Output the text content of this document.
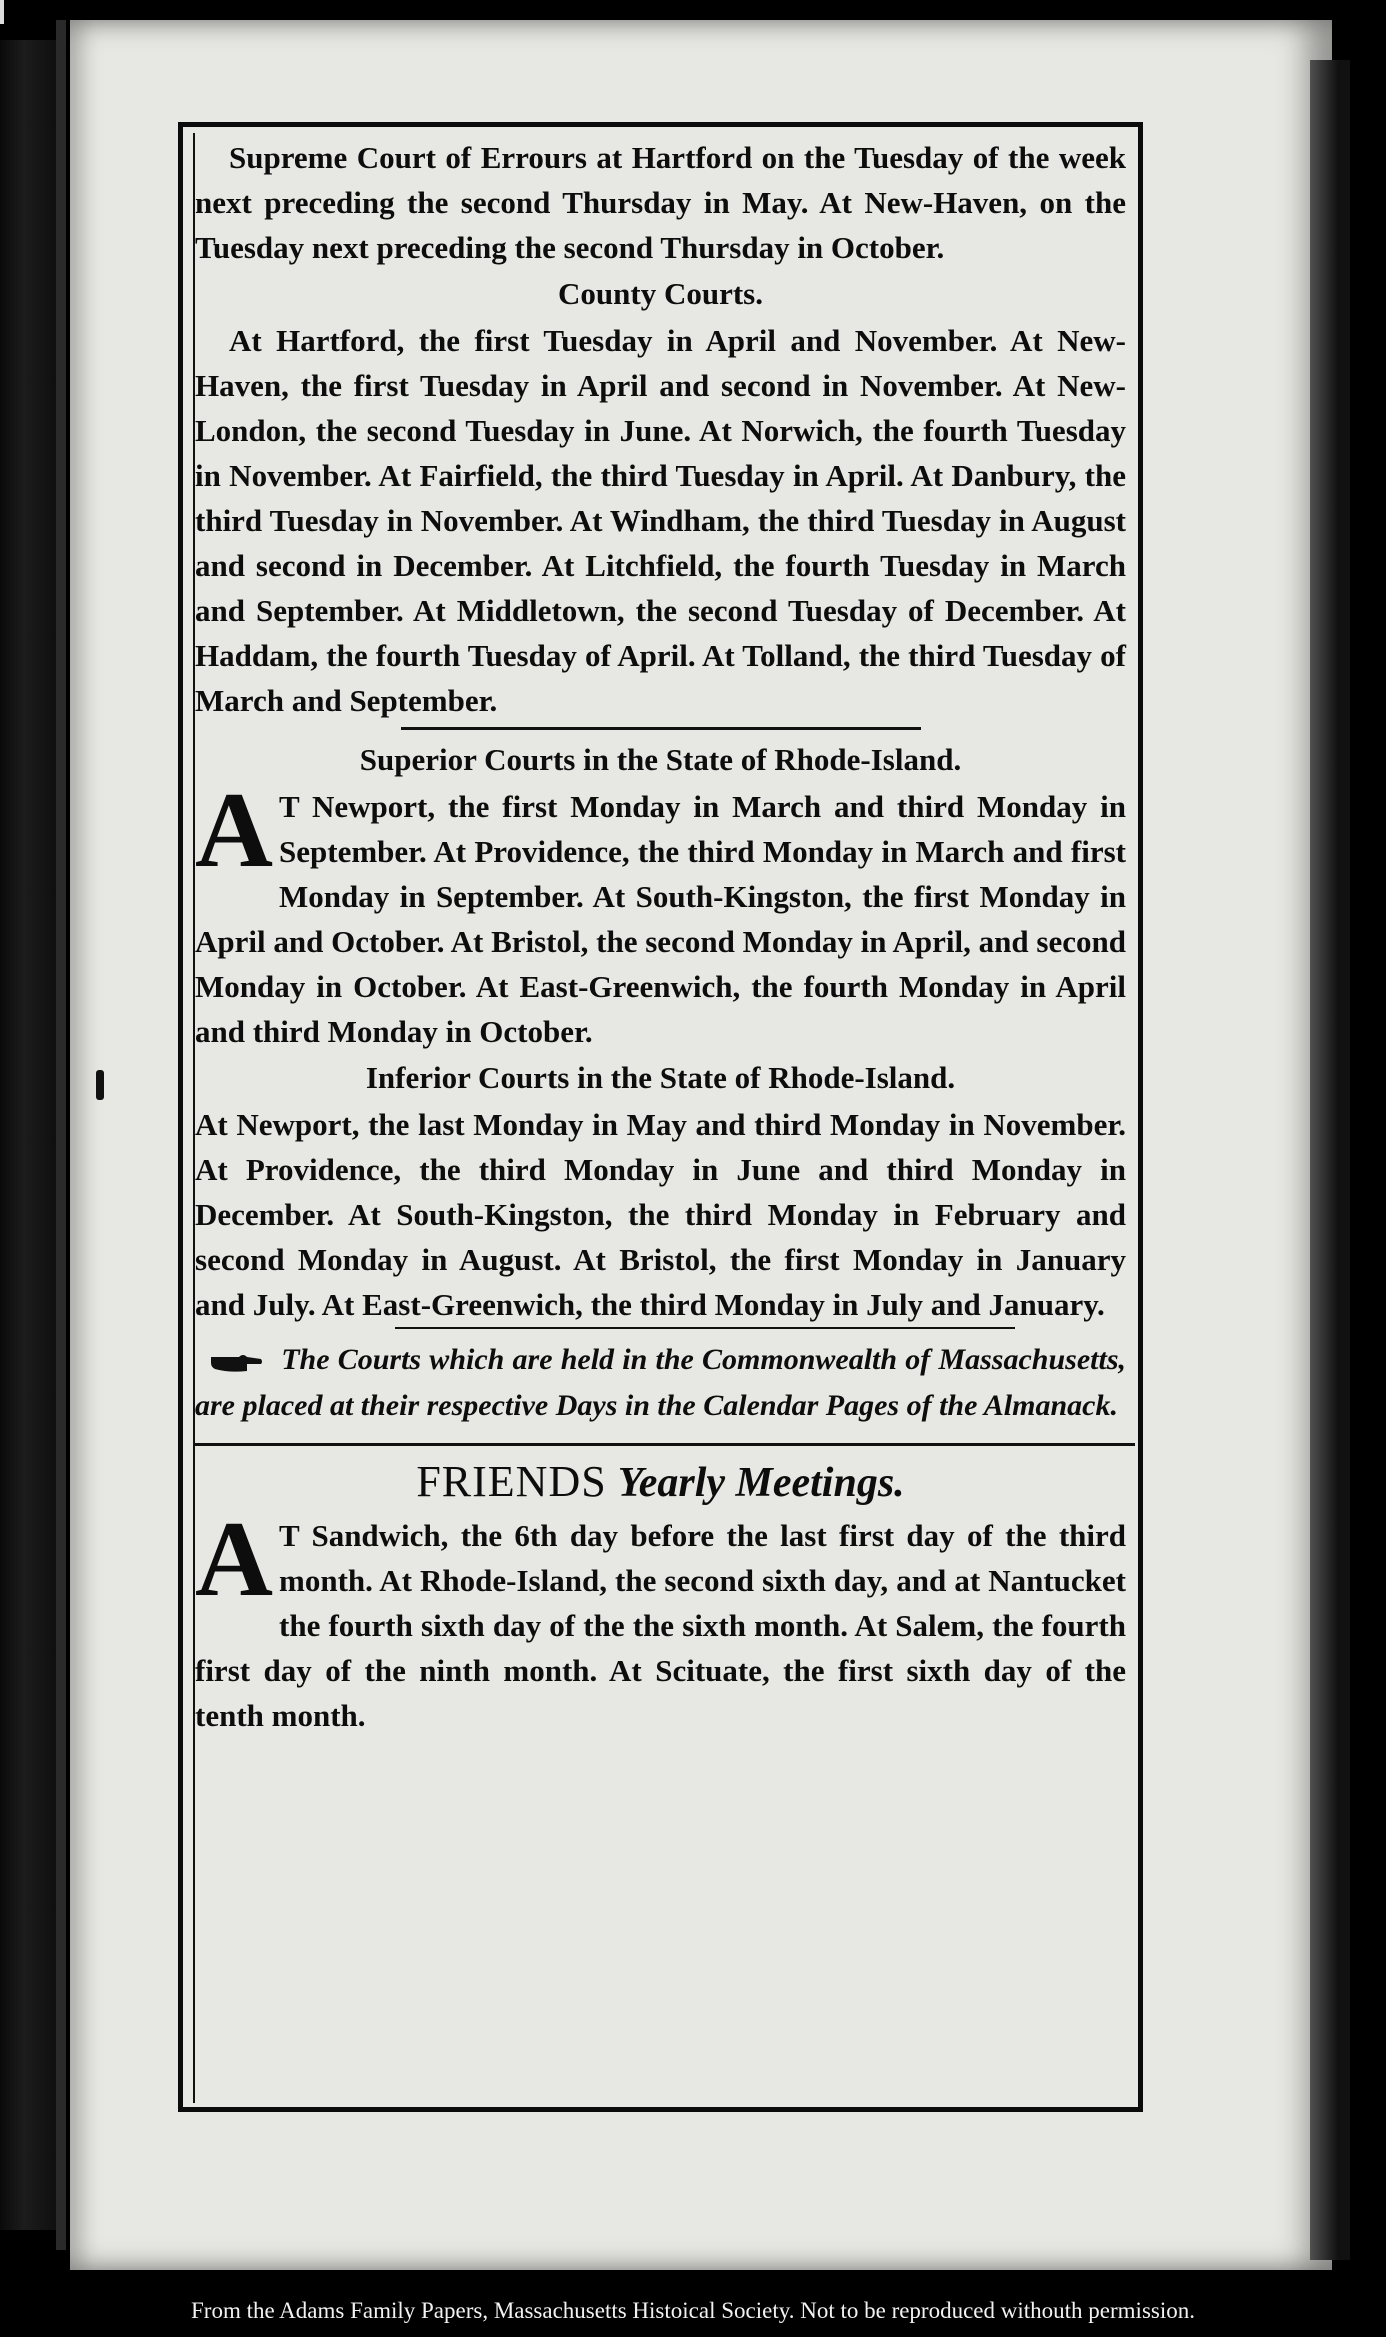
Supreme Court of Errours at Hartford on the Tuesday of the week next preceding the second Thursday in May. At New-Haven, on the Tuesday next preceding the second Thursday in October.

County Courts.

At Hartford, the first Tuesday in April and November. At New-Haven, the first Tuesday in April and second in November. At New-London, the second Tuesday in June. At Norwich, the fourth Tuesday in November. At Fairfield, the third Tuesday in April. At Danbury, the third Tuesday in November. At Windham, the third Tuesday in August and second in December. At Litchfield, the fourth Tuesday in March and September. At Middletown, the second Tuesday of December. At Haddam, the fourth Tuesday of April. At Tolland, the third Tuesday of March and September.

Superior Courts in the State of Rhode-Island.
A T Newport, the first Monday in March and third Monday in September. At Providence, the third Monday in March and first Monday in September. At South-Kingston, the first Monday in April and October. At Bristol, the second Monday in April, and second Monday in October. At East-Greenwich, the fourth Monday in April and third Monday in October.

Inferior Courts in the State of Rhode-Island.

At Newport, the last Monday in May and third Monday in November. At Providence, the third Monday in June and third Monday in December. At South-Kingston, the third Monday in February and second Monday in August. At Bristol, the first Monday in January and July. At East-Greenwich, the third Monday in July and January.

The Courts which are held in the Commonwealth of Massachusetts, are placed at their respective Days in the Calendar Pages of the Almanack.
FRIENDS Yearly Meetings.
A T Sandwich, the 6th day before the last first day of the third month. At Rhode-Island, the second sixth day, and at Nantucket the fourth sixth day of the the sixth month. At Salem, the fourth first day of the ninth month. At Scituate, the first sixth day of the tenth month.

From the Adams Family Papers, Massachusetts Histoical Society. Not to be reproduced withouth permission.
